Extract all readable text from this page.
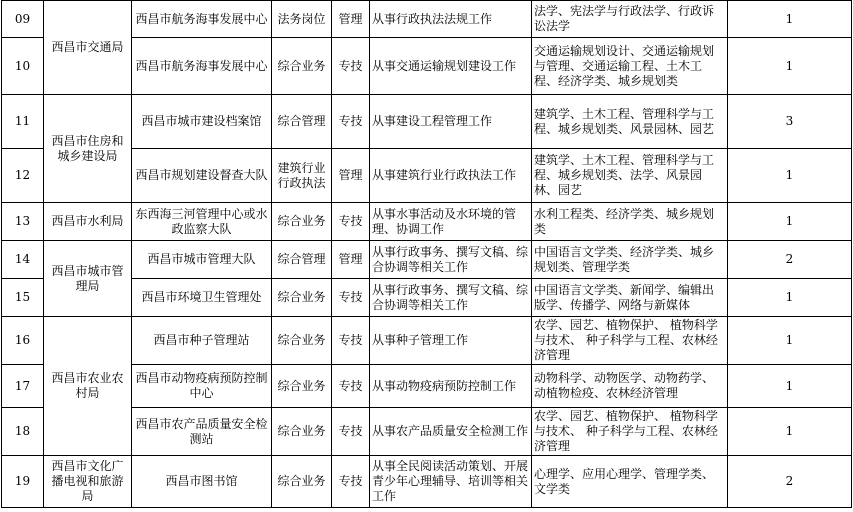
09	西昌市交通局	西昌市航务海事发展中心	法务岗位	管理	从事行政执法法规工作	法学、宪法学与行政法学、行政诉讼法学	1
10		西昌市航务海事发展中心	综合业务	专技	从事交通运输规划建设工作	交通运输规划设计、交通运输规划与管理、交通运输工程、土木工程、经济学类、城乡规划类	1
11	西昌市住房和城乡建设局	西昌市城市建设档案馆	综合管理	专技	从事建设工程管理工作	建筑学、土木工程、管理科学与工程、城乡规划类、风景园林、园艺	3
12		西昌市规划建设督查大队	建筑行业行政执法	管理	从事建筑行业行政执法工作	建筑学、土木工程、管理科学与工程、城乡规划类、法学、风景园林、园艺	1
13	西昌市水利局	东西海三河管理中心或水政监察大队	综合业务	专技	从事水事活动及水环境的管理、协调工作	水利工程类、经济学类、城乡规划类	1
14	西昌市城市管理局	西昌市城市管理大队	综合管理	管理	从事行政事务、撰写文稿、综合协调等相关工作	中国语言文学类、经济学类、城乡规划类、管理学类	2
15		西昌市环境卫生管理处	综合业务	专技	从事行政事务、撰写文稿、综合协调等相关工作	中国语言文学类、新闻学、编辑出版学、传播学、网络与新媒体	1
16	西昌市农业农村局	西昌市种子管理站	综合业务	专技	从事种子管理工作	农学、园艺、植物保护、 植物科学与技术、 种子科学与工程、农林经济管理	1
17		西昌市动物疫病预防控制中心	综合业务	专技	从事动物疫病预防控制工作	动物科学、动物医学、动物药学、动植物检疫、农林经济管理	1
18		西昌市农产品质量安全检测站	综合业务	专技	从事农产品质量安全检测工作	农学、园艺、植物保护、 植物科学与技术、 种子科学与工程、农林经济管理	1
19	西昌市文化广播电视和旅游局	西昌市图书馆	综合业务	专技	从事全民阅读活动策划、开展青少年心理辅导、培训等相关工作	心理学、应用心理学、管理学类、文学类	2
